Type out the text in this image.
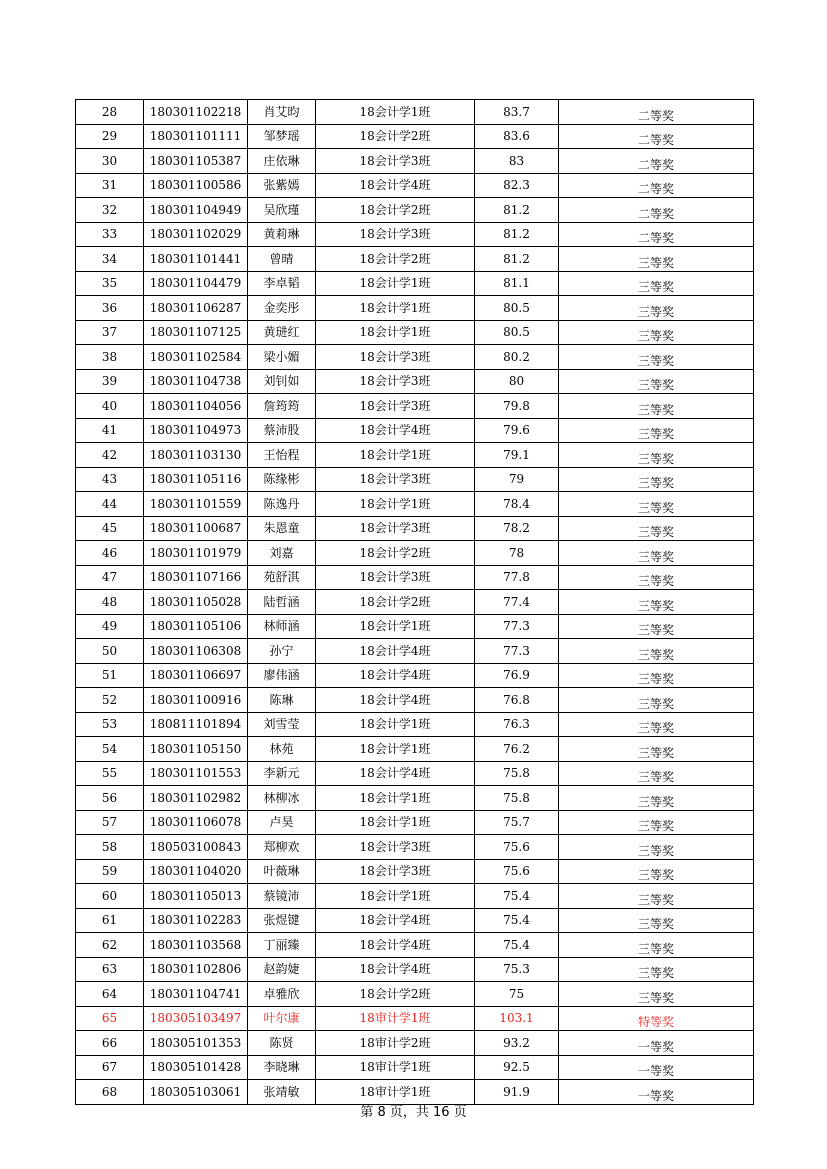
28	180301102218	肖艾昀	18会计学1班	83.7	二等奖
29	180301101111	邹梦瑶	18会计学2班	83.6	二等奖
30	180301105387	庄依琳	18会计学3班	83	二等奖
31	180301100586	张紫嫣	18会计学4班	82.3	二等奖
32	180301104949	吴欣瑾	18会计学2班	81.2	二等奖
33	180301102029	黄莉琳	18会计学3班	81.2	二等奖
34	180301101441	曾晴	18会计学2班	81.2	三等奖
35	180301104479	李卓韬	18会计学1班	81.1	三等奖
36	180301106287	金奕彤	18会计学1班	80.5	三等奖
37	180301107125	黄琎红	18会计学1班	80.5	三等奖
38	180301102584	梁小媚	18会计学3班	80.2	三等奖
39	180301104738	刘钊如	18会计学3班	80	三等奖
40	180301104056	詹筠筠	18会计学3班	79.8	三等奖
41	180301104973	蔡沛股	18会计学4班	79.6	三等奖
42	180301103130	王怡程	18会计学1班	79.1	三等奖
43	180301105116	陈缘彬	18会计学3班	79	三等奖
44	180301101559	陈逸丹	18会计学1班	78.4	三等奖
45	180301100687	朱恩童	18会计学3班	78.2	三等奖
46	180301101979	刘嘉	18会计学2班	78	三等奖
47	180301107166	苑舒淇	18会计学3班	77.8	三等奖
48	180301105028	陆哲涵	18会计学2班	77.4	三等奖
49	180301105106	林师涵	18会计学1班	77.3	三等奖
50	180301106308	孙宁	18会计学4班	77.3	三等奖
51	180301106697	廖伟涵	18会计学4班	76.9	三等奖
52	180301100916	陈琳	18会计学4班	76.8	三等奖
53	180811101894	刘雪莹	18会计学1班	76.3	三等奖
54	180301105150	林苑	18会计学1班	76.2	三等奖
55	180301101553	李新元	18会计学4班	75.8	三等奖
56	180301102982	林柳冰	18会计学1班	75.8	三等奖
57	180301106078	卢昊	18会计学1班	75.7	三等奖
58	180503100843	郑柳欢	18会计学3班	75.6	三等奖
59	180301104020	叶薇琳	18会计学3班	75.6	三等奖
60	180301105013	蔡镜沛	18会计学1班	75.4	三等奖
61	180301102283	张煜键	18会计学4班	75.4	三等奖
62	180301103568	丁丽臻	18会计学4班	75.4	三等奖
63	180301102806	赵韵婕	18会计学4班	75.3	三等奖
64	180301104741	卓雅欣	18会计学2班	75	三等奖
65	180305103497	叶尔康	18审计学1班	103.1	特等奖
66	180305101353	陈贤	18审计学2班	93.2	一等奖
67	180305101428	李晓琳	18审计学1班	92.5	一等奖
68	180305103061	张靖敏	18审计学1班	91.9	一等奖
第 8 页，共 16 页
